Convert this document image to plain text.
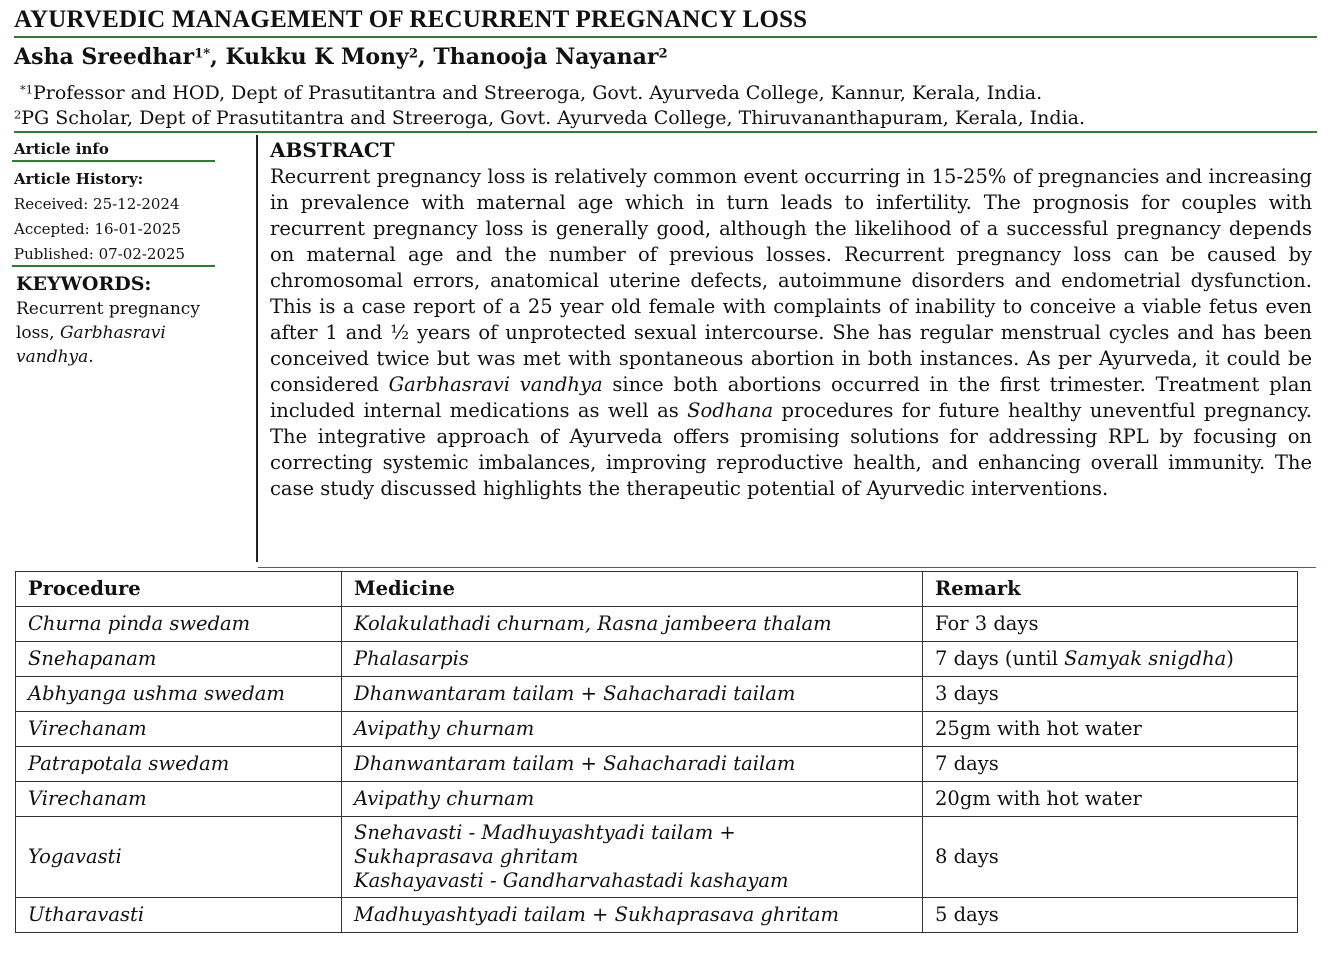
AYURVEDIC MANAGEMENT OF RECURRENT PREGNANCY LOSS
Asha Sreedhar$^{1*}$, Kukku K Mony$^2$, Thanooja Nayanar$^2$
$^{*1}$Professor and HOD, Dept of Prasutitantra and Streeroga, Govt. Ayurveda College, Kannur, Kerala, India.
$^2$PG Scholar, Dept of Prasutitantra and Streeroga, Govt. Ayurveda College, Thiruvananthapuram, Kerala, India.
Article info
Article History:
Received: 25-12-2024
Accepted: 16-01-2025
Published: 07-02-2025
KEYWORDS:
Recurrent pregnancy loss, Garbhasravi vandhya.
ABSTRACT
Recurrent pregnancy loss is relatively common event occurring in 15-25% of pregnancies and increasing in prevalence with maternal age which in turn leads to infertility. The prognosis for couples with recurrent pregnancy loss is generally good, although the likelihood of a successful pregnancy depends on maternal age and the number of previous losses. Recurrent pregnancy loss can be caused by chromosomal errors, anatomical uterine defects, autoimmune disorders and endometrial dysfunction. This is a case report of a 25 year old female with complaints of inability to conceive a viable fetus even after 1 and ½ years of unprotected sexual intercourse. She has regular menstrual cycles and has been conceived twice but was met with spontaneous abortion in both instances. As per Ayurveda, it could be considered Garbhasravi vandhya since both abortions occurred in the first trimester. Treatment plan included internal medications as well as Sodhana procedures for future healthy uneventful pregnancy. The integrative approach of Ayurveda offers promising solutions for addressing RPL by focusing on correcting systemic imbalances, improving reproductive health, and enhancing overall immunity. The case study discussed highlights the therapeutic potential of Ayurvedic interventions.
Procedure	Medicine	Remark
Churna pinda swedam	Kolakulathadi churnam, Rasna jambeera thalam	For 3 days
Snehapanam	Phalasarpis	7 days (until Samyak snigdha)
Abhyanga ushma swedam	Dhanwantaram tailam + Sahacharadi tailam	3 days
Virechanam	Avipathy churnam	25gm with hot water
Patrapotala swedam	Dhanwantaram tailam + Sahacharadi tailam	7 days
Virechanam	Avipathy churnam	20gm with hot water
Yogavasti	Snehavasti - Madhuyashtyadi tailam +
Sukhaprasava ghritam
Kashayavasti - Gandharvahastadi kashayam	8 days
Utharavasti	Madhuyashtyadi tailam + Sukhaprasava ghritam	5 days
